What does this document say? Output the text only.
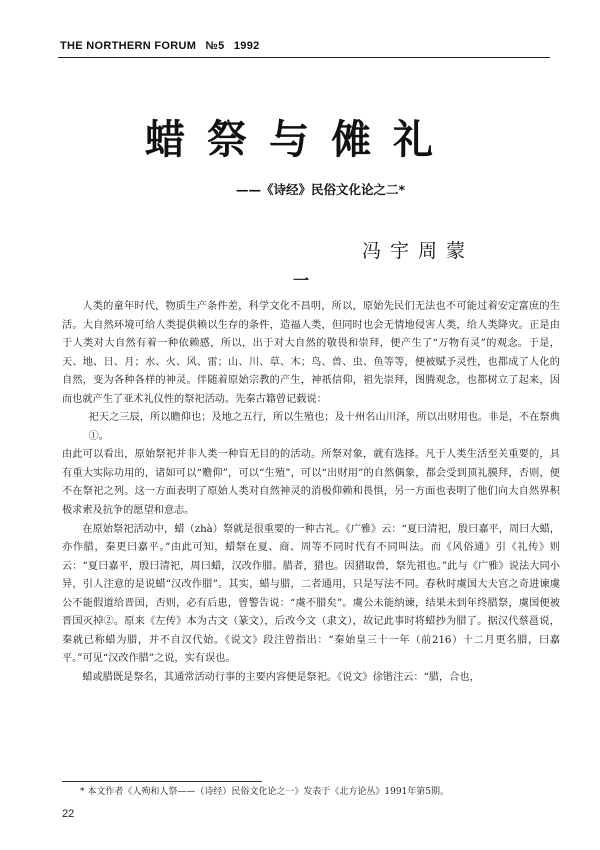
THE NORTHERN FORUM №5 1992
蜡祭与傩礼
——《诗经》民俗文化论之二*
冯宇周蒙
一

人类的童年时代，物质生产条件差，科学文化不昌明，所以，原始先民们无法也不可能过着安定富庶的生活。大自然环境可给人类提供赖以生存的条件，造福人类，但同时也会无情地侵害人类，给人类降灾。正是由于人类对大自然有着一种依赖感，所以，出于对大自然的敬畏和崇拜，便产生了“万物有灵”的观念。于是，天、地、日、月；水、火、风、雷；山、川、草、木；鸟、兽、虫、鱼等等，便被赋予灵性，也都成了人化的自然，变为各种各样的神灵。伴随着原始宗教的产生，神祇信仰，祖先崇拜，图腾观念，也都树立了起来，因而也就产生了亚术礼仪性的祭祀活动。先秦古籍曾记载说：

祀天之三辰，所以瞻仰也；及地之五行，所以生殖也；及十州名山川泽，所以出财用也。非是，不在祭典①。

由此可以看出，原始祭祀并非人类一种盲无目的的活动。所祭对象，就有选择。凡于人类生活至关重要的，具有重大实际功用的，诸如可以“赡仰”，可以“生殖”，可以“出财用”的自然偶象，都会受到顶礼膜拜，否则，便不在祭祀之列。这一方面表明了原始人类对自然神灵的消极仰赖和畏惧，另一方面也表明了他们向大自然界积极求索及抗争的愿望和意志。

在原始祭祀活动中，蜡（zhà）祭就是很重要的一种古礼。《广雅》云：“夏曰清祀，殷曰嘉平，周曰大蜡，亦作腊，秦更曰嘉平。”由此可知，蜡祭在夏、商、周等不同时代有不同叫法。而《风俗通》引《礼传》则云：“夏曰嘉平，殷曰清祀，周曰蜡，汉改作腊。腊者，猎也。因猎取兽，祭先祖也。”此与《广雅》说法大同小异，引人注意的是说蜡“汉改作腊”。其实，蜡与腊，二者通用，只是写法不同。春秋时虞国大夫宫之奇进谏虞公不能假道给晋国，否则，必有后患，曾警告说：“虞不腊矣”。虞公未能纳谏，结果未到年终腊祭，虞国便被晋国灭掉②。原来《左传》本为古文（篆文），后改今文（隶文），故记此事时将蜡抄为腊了。据汉代蔡邕说，秦就已称蜡为腊，并不自汉代始。《说文》段注曾指出：“秦始皇三十一年（前216）十二月更名腊，曰嘉平。”可见“汉改作腊”之说，实有误也。

蜡或腊既是祭名，其通常活动行事的主要内容便是祭祀。《说文》徐锴注云：“腊，合也，

* 本文作者《人殉和人祭——（诗经）民俗文化论之一》发表于《北方论丛》1991年第5期。
22
